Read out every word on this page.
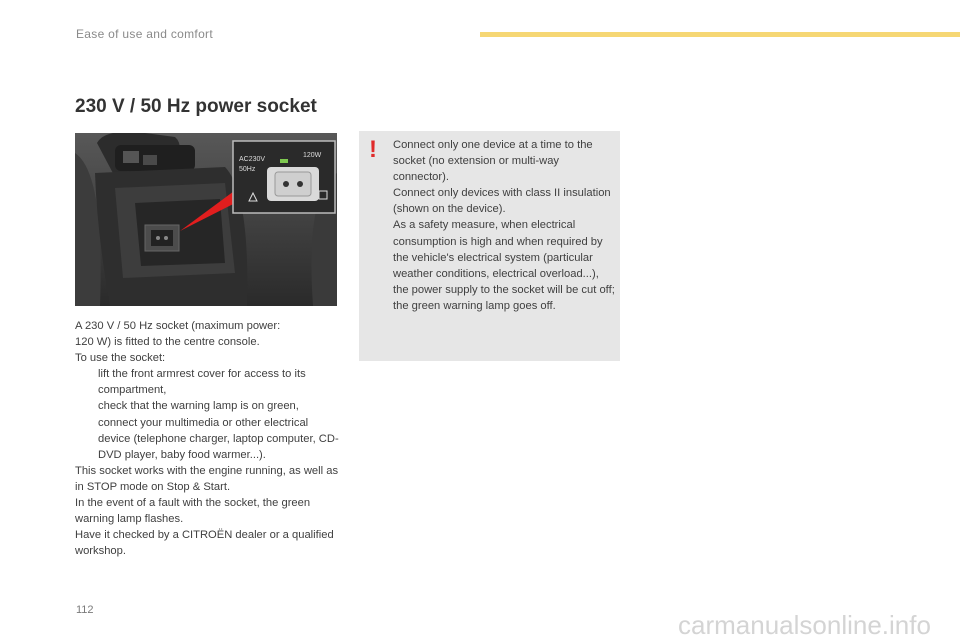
Ease of use and comfort
230 V / 50 Hz power socket
AC230V
50Hz
120W

A 230 V / 50 Hz socket (maximum power:

120 W) is fitted to the centre console.

To use the socket:

lift the front armrest cover for access to its compartment,
check that the warning lamp is on green,
connect your multimedia or other electrical device (telephone charger, laptop computer, CD-DVD player, baby food warmer...).

This socket works with the engine running, as well as in STOP mode on Stop & Start.

In the event of a fault with the socket, the green warning lamp flashes.

Have it checked by a CITROËN dealer or a qualified workshop.

! Connect only one device at a time to the socket (no extension or multi-way connector).

Connect only devices with class II insulation (shown on the device).

As a safety measure, when electrical consumption is high and when required by the vehicle's electrical system (particular weather conditions, electrical overload...), the power supply to the socket will be cut off; the green warning lamp goes off.

112	carmanualsonline.info
